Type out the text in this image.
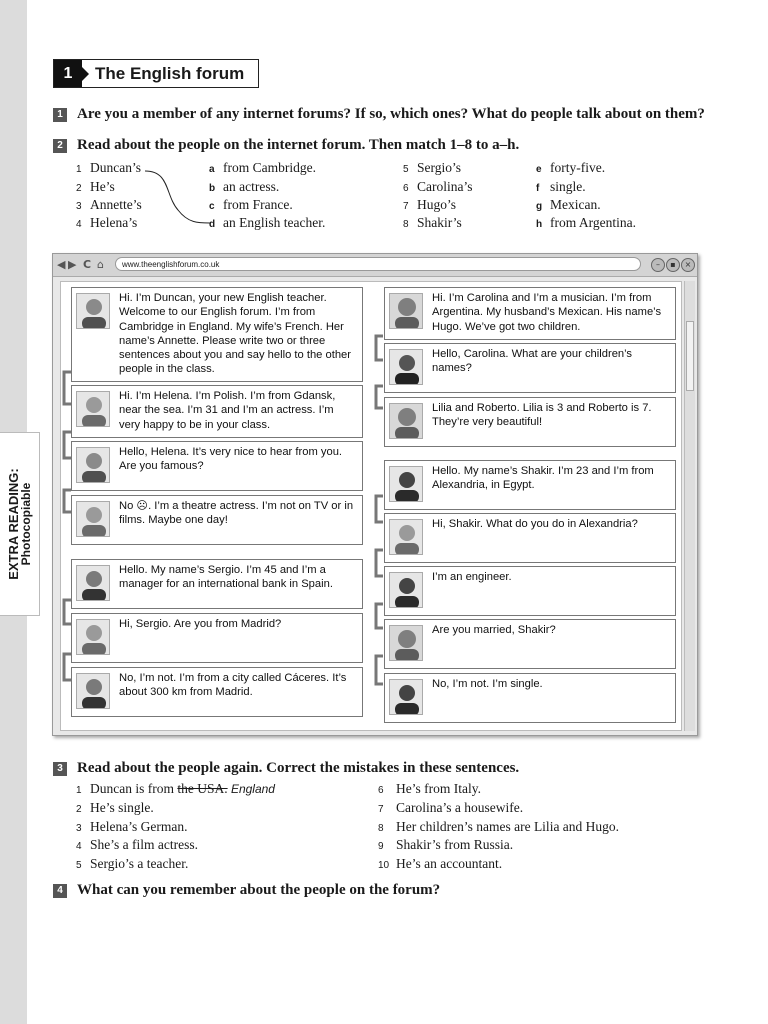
EXTRA READING:
Photocopiable
1	The English forum
1 Are you a member of any internet forums? If so, which ones? What do people talk about on them?
2 Read about the people on the internet forum. Then match 1–8 to a–h.
1 Duncan’s
2 He’s
3 Annette’s
4 Helena’s
a from Cambridge.
b an actress.
c from France.
d an English teacher.
5 Sergio’s
6 Carolina’s
7 Hugo’s
8 Shakir’s
e forty-five.
f single.
g Mexican.
h from Argentina.
◀ ▶ C ⌂	www.theenglishforum.co.uk	–	▪	×
Hi. I’m Duncan, your new English teacher. Welcome to our English forum. I’m from Cambridge in England. My wife’s French. Her name’s Annette. Please write two or three sentences about you and say hello to the other people in the class.
Hi. I’m Helena. I’m Polish. I’m from Gdansk, near the sea. I’m 31 and I’m an actress. I’m very happy to be in your class.
Hello, Helena. It’s very nice to hear from you. Are you famous?
No ☹. I’m a theatre actress. I’m not on TV or in films. Maybe one day!
Hello. My name’s Sergio. I’m 45 and I’m a manager for an international bank in Spain.
Hi, Sergio. Are you from Madrid?
No, I’m not. I’m from a city called Cáceres. It’s about 300 km from Madrid.
Hi. I’m Carolina and I’m a musician. I’m from Argentina. My husband’s Mexican. His name’s Hugo. We’ve got two children.
Hello, Carolina. What are your children’s names?
Lilia and Roberto. Lilia is 3 and Roberto is 7. They’re very beautiful!
Hello. My name’s Shakir. I’m 23 and I’m from Alexandria, in Egypt.
Hi, Shakir. What do you do in Alexandria?
I’m an engineer.
Are you married, Shakir?
No, I’m not. I’m single.
3 Read about the people again. Correct the mistakes in these sentences.
1 Duncan is from the USA. England
2 He’s single.
3 Helena’s German.
4 She’s a film actress.
5 Sergio’s a teacher.
6 He’s from Italy.
7 Carolina’s a housewife.
8 Her children’s names are Lilia and Hugo.
9 Shakir’s from Russia.
10 He’s an accountant.
4 What can you remember about the people on the forum?
